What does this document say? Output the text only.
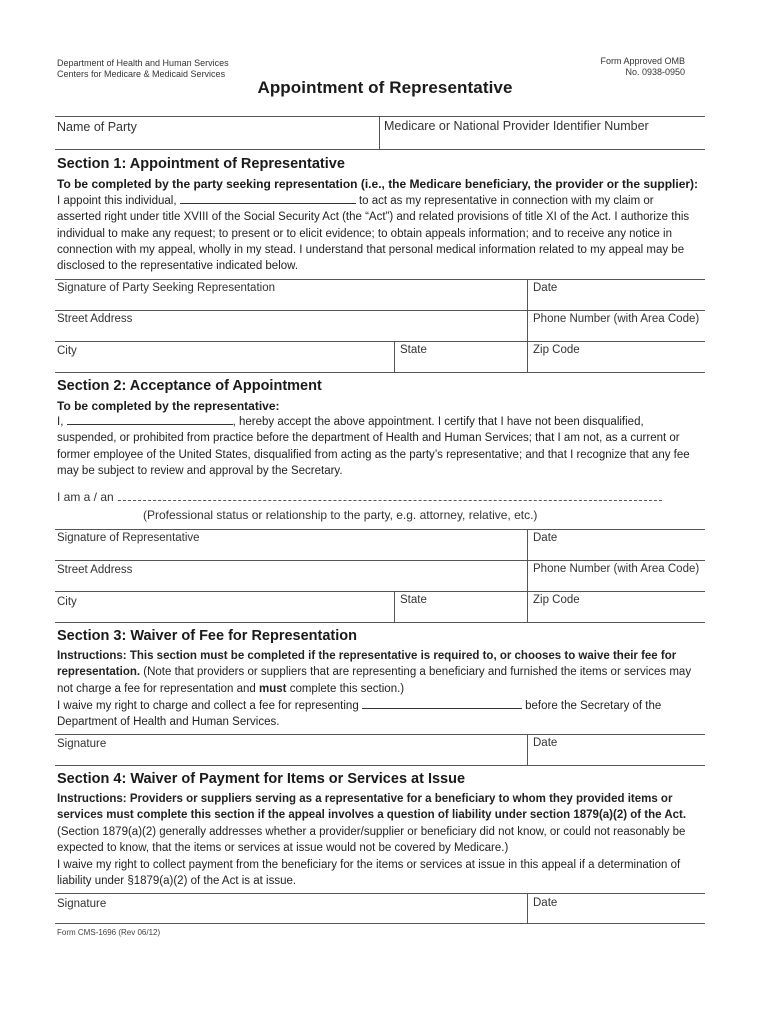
Department of Health and Human Services
Centers for Medicare & Medicaid Services
Form Approved OMB
No. 0938-0950
Appointment of Representative
Name of Party	Medicare or National Provider Identifier Number
Section 1: Appointment of Representative
To be completed by the party seeking representation (i.e., the Medicare beneficiary, the provider or the supplier):
I appoint this individual,	to act as my representative in connection with my claim or asserted right under title XVIII of the Social Security Act (the “Act”) and related provisions of title XI of the Act. I authorize this individual to make any request; to present or to elicit evidence; to obtain appeals information; and to receive any notice in connection with my appeal, wholly in my stead. I understand that personal medical information related to my appeal may be disclosed to the representative indicated below.
Signature of Party Seeking Representation	Date
Street Address	Phone Number (with Area Code)
City	State	Zip Code
Section 2: Acceptance of Appointment
To be completed by the representative:
I,	, hereby accept the above appointment. I certify that I have not been disqualified, suspended, or prohibited from practice before the department of Health and Human Services; that I am not, as a current or former employee of the United States, disqualified from acting as the party’s representative; and that I recognize that any fee may be subject to review and approval by the Secretary.
I am a / an
(Professional status or relationship to the party, e.g. attorney, relative, etc.)
Signature of Representative	Date
Street Address	Phone Number (with Area Code)
City	State	Zip Code
Section 3: Waiver of Fee for Representation
Instructions: This section must be completed if the representative is required to, or chooses to waive their fee for representation. (Note that providers or suppliers that are representing a beneficiary and furnished the items or services may not charge a fee for representation and must complete this section.)
I waive my right to charge and collect a fee for representing	before the Secretary of the
Department of Health and Human Services.
Signature	Date
Section 4: Waiver of Payment for Items or Services at Issue
Instructions: Providers or suppliers serving as a representative for a beneficiary to whom they provided items or services must complete this section if the appeal involves a question of liability under section 1879(a)(2) of the Act. (Section 1879(a)(2) generally addresses whether a provider/supplier or beneficiary did not know, or could not reasonably be expected to know, that the items or services at issue would not be covered by Medicare.)
I waive my right to collect payment from the beneficiary for the items or services at issue in this appeal if a determination of liability under §1879(a)(2) of the Act is at issue.
Signature	Date
Form CMS-1696 (Rev 06/12)
